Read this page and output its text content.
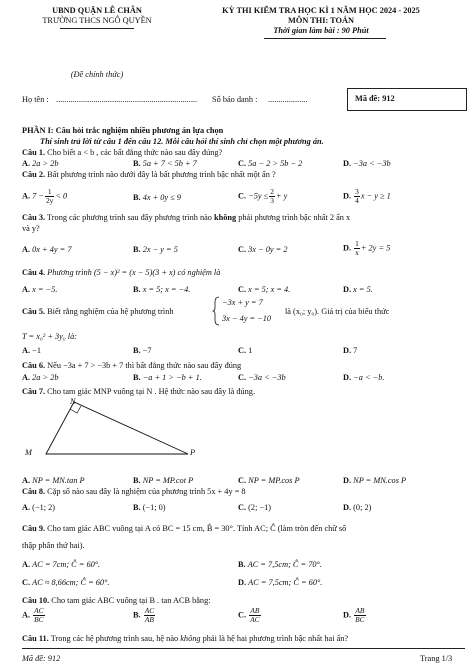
UBND QUẬN LÊ CHÂN
TRƯỜNG THCS NGÔ QUYỀN
(Đề chính thức)
KỲ THI KIỂM TRA HỌC KÌ 1 NĂM HỌC 2024 - 2025
MÔN THI: TOÁN
Thời gian làm bài : 90 Phút
Họ tên : .................................................................... Số báo danh : ...................	Mã đề: 912
PHẦN I: Câu hỏi trắc nghiệm nhiều phương án lựa chọn
Thí sinh trả lời từ câu 1 đến câu 12. Mỗi câu hỏi thí sinh chỉ chọn một phương án.
Câu 1. Cho biết a < b , các bất đẳng thức nào sau đây đúng?
A. 2a > 2b	B. 5a + 7 < 5b + 7	C. 5a − 2 > 5b − 2	D. −3a < −3b
Câu 2. Bất phương trình nào dưới đây là bất phương trình bậc nhất một ẩn ?
A. $7 - \frac{1}{2y} < 0$	B. 4x + 0y ≤ 9	C. $-5y \le \frac{2}{3} + y$	D. $\frac{3}{4}$ x − y ≥ 1
Câu 3. Trong các phương trình sau đây phương trình nào không phải phương trình bậc nhất 2 ẩn x
và y?
A. 0x + 4y = 7	B. 2x − y = 5	C. 3x − 0y = 2	D. $\frac{1}{x} + 2y = 5$
Câu 4. Phương trình (5 − x)² = (x − 5)(3 + x) có nghiệm là
A. x = −5.	B. x = 5; x = −4.	C. x = 5; x = 4.	D. x = 5.
Câu 5. Biết rằng nghiệm của hệ phương trình
−3x + y = 7
3x − 4y = −10
là (x₀; y₀). Giá trị của biểu thức
T = x₀² + 3y₀ là:
A. −1	B. −7	C. 1	D. 7
Câu 6. Nếu −3a + 7 > −3b + 7 thì bất đẳng thức nào sau đây đúng
A. 2a > 2b	B. −a + 1 > −b + 1.	C. −3a < −3b	D. −a < −b.
Câu 7. Cho tam giác MNP vuông tại N . Hệ thức nào sau đây là đúng.
M
N
P
A. NP = MN.tan P	B. NP = MP.cot P	C. NP = MP.cos P	D. NP = MN.cos P
Câu 8. Cặp số nào sau đây là nghiệm của phương trình 5x + 4y = 8
A. (−1; 2)	B. (−1; 0)	C. (2; −1)	D. (0; 2)
Câu 9. Cho tam giác ABC vuông tại A có BC = 15 cm, B̂ = 30°. Tính AC; Ĉ (làm tròn đến chữ số
thập phân thứ hai).
A. AC = 7cm; Ĉ = 60°.	B. AC = 7,5cm; Ĉ = 70°.
C. AC ≈ 8,66cm; Ĉ = 60°.	D. AC = 7,5cm; Ĉ = 60°.
Câu 10. Cho tam giác ABC vuông tại B . tan ACB bằng:
A. $\frac{AC}{BC}$	B. $\frac{AC}{AB}$	C. $\frac{AB}{AC}$	D. $\frac{AB}{BC}$
Câu 11. Trong các hệ phương trình sau, hệ nào không phải là hệ hai phương trình bậc nhất hai ẩn?
Mã đề: 912	Trang 1/3
